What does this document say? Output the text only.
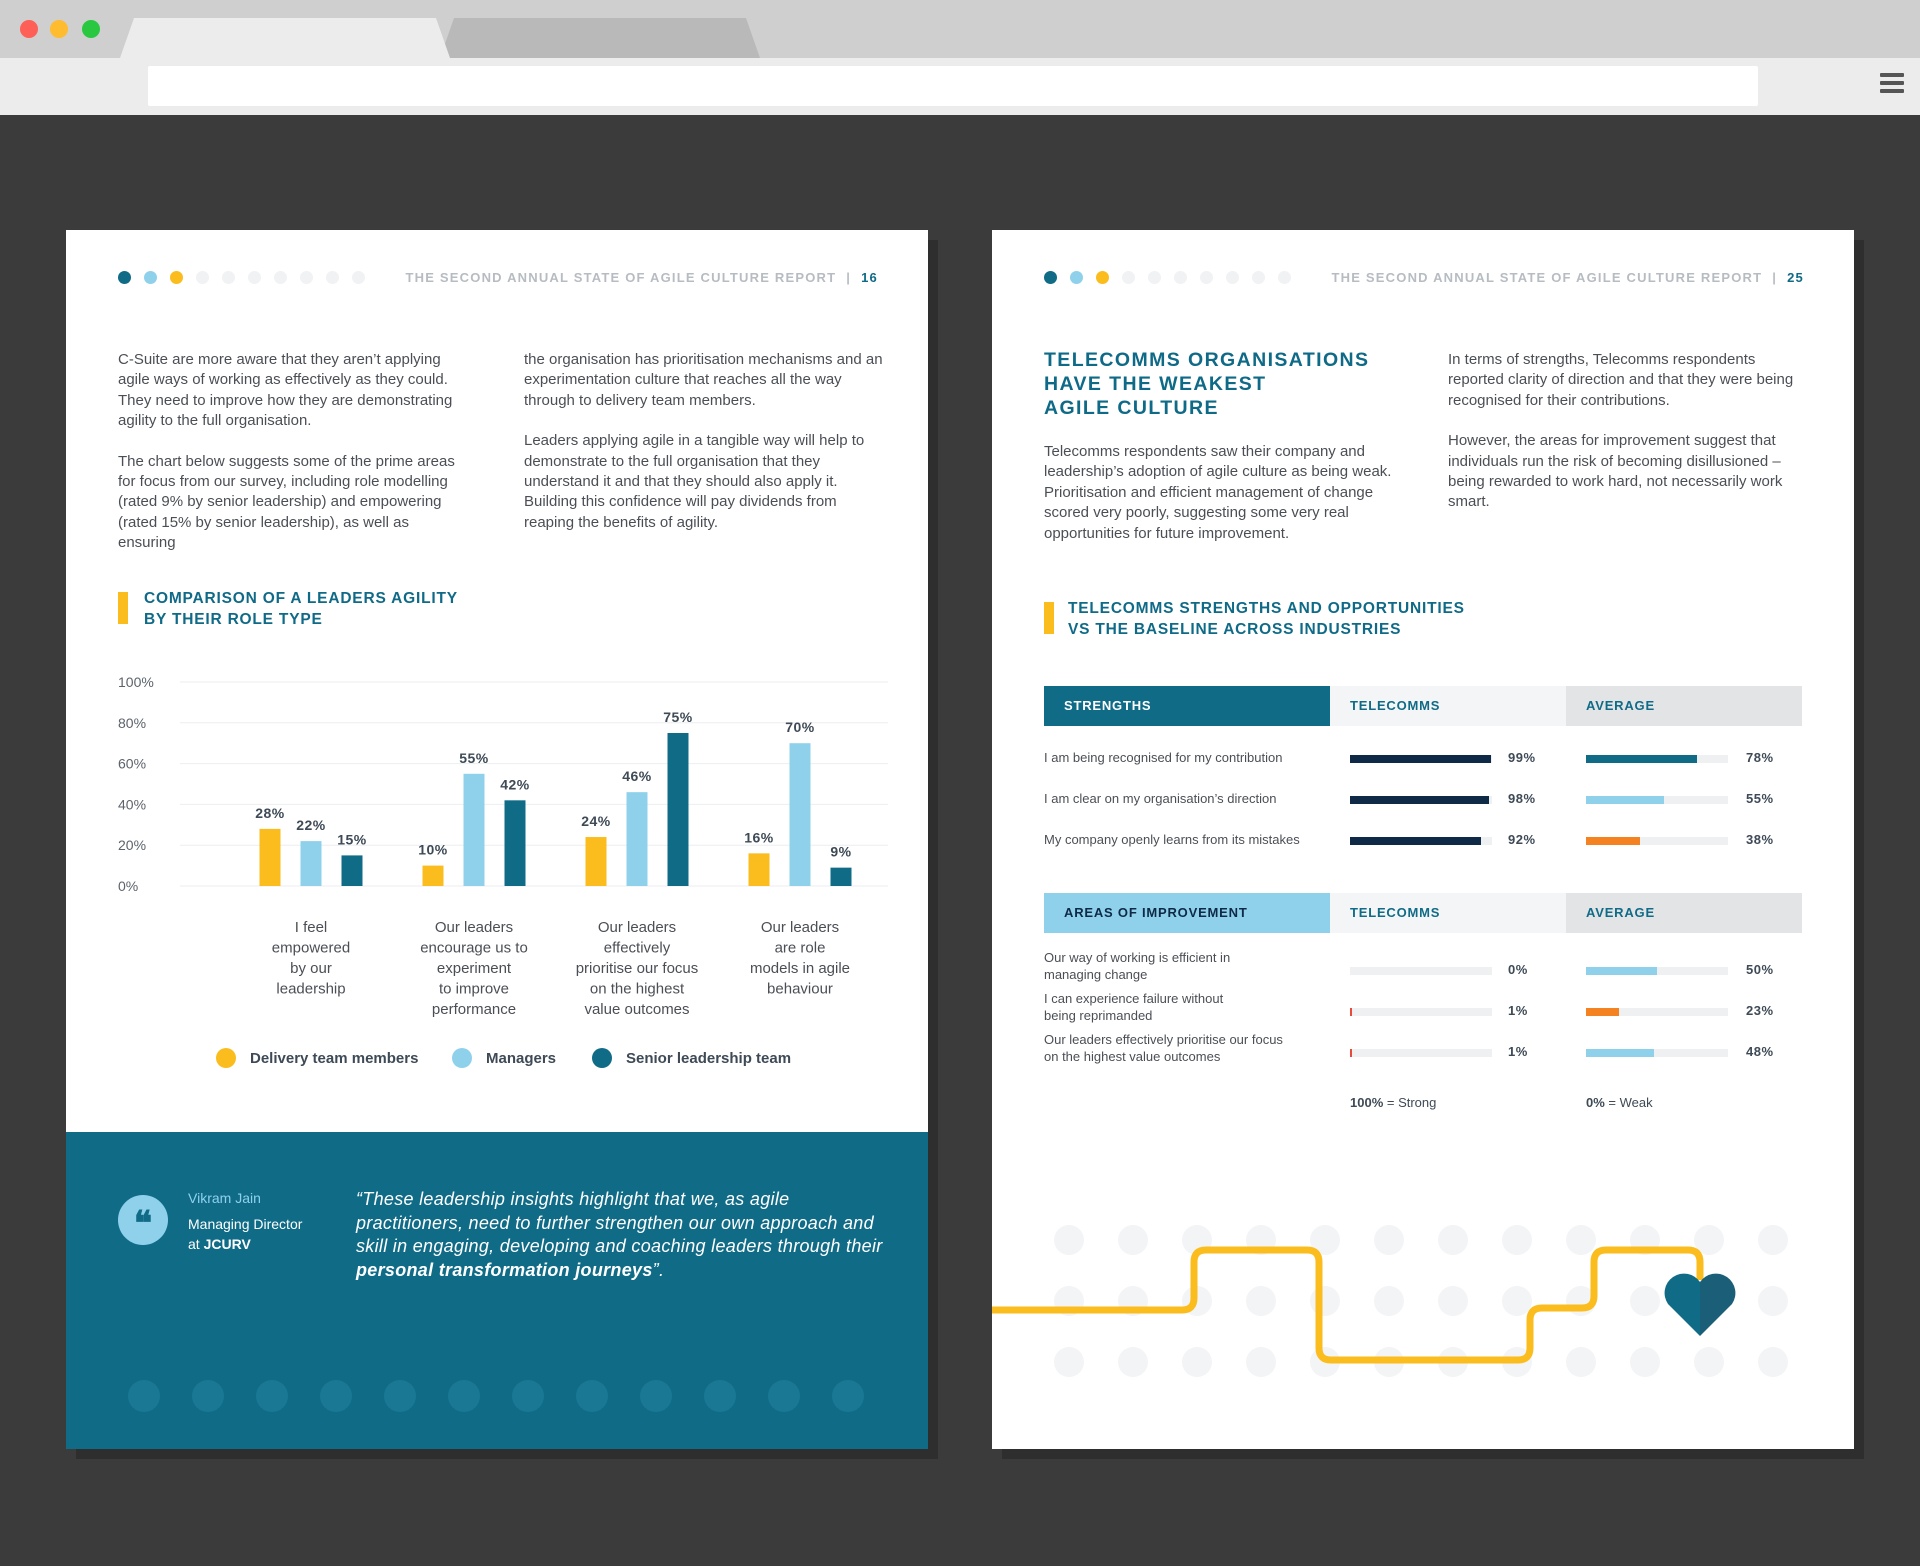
THE SECOND ANNUAL STATE OF AGILE CULTURE REPORT | 16

C-Suite are more aware that they aren’t applying agile ways of working as effectively as they could. They need to improve how they are demonstrating agility to the full organisation.

The chart below suggests some of the prime areas for focus from our survey, including role modelling (rated 9% by senior leadership) and empowering (rated 15% by senior leadership), as well as ensuring

the organisation has prioritisation mechanisms and an experimentation culture that reaches all the way through to delivery team members.

Leaders applying agile in a tangible way will help to demonstrate to the full organisation that they understand it and that they should also apply it. Building this confidence will pay dividends from reaping the benefits of agility.

COMPARISON OF A LEADERS AGILITY
BY THEIR ROLE TYPE
100%
80%
60%
40%
20%
0%
28%
22%
15%
I feel
empowered
by our
leadership
10%
55%
42%
Our leaders
encourage us to
experiment
to improve
performance
24%
46%
75%
Our leaders
effectively
prioritise our focus
on the highest
value outcomes
16%
70%
9%
Our leaders
are role
models in agile
behaviour
Delivery team members	Managers	Senior leadership team
❝
Vikram Jain
Managing Director
at JCURV
“These leadership insights highlight that we, as agile practitioners, need to further strengthen our own approach and skill in engaging, developing and coaching leaders through their personal transformation journeys”.
THE SECOND ANNUAL STATE OF AGILE CULTURE REPORT | 25
TELECOMMS ORGANISATIONS
HAVE THE WEAKEST
AGILE CULTURE

Telecomms respondents saw their company and leadership’s adoption of agile culture as being weak. Prioritisation and efficient management of change scored very poorly, suggesting some very real opportunities for future improvement.

In terms of strengths, Telecomms respondents reported clarity of direction and that they were being recognised for their contributions.

However, the areas for improvement suggest that individuals run the risk of becoming disillusioned –being rewarded to work hard, not necessarily work smart.

TELECOMMS STRENGTHS AND OPPORTUNITIES
VS THE BASELINE ACROSS INDUSTRIES
STRENGTHS	TELECOMMS	AVERAGE
AREAS OF IMPROVEMENT	TELECOMMS	AVERAGE
100% = Strong	0% = Weak
I am being recognised for my contribution	99%	78%
I am clear on my organisation’s direction	98%	55%
My company openly learns from its mistakes	92%	38%
Our way of working is efficient in
managing change	0%	50%
I can experience failure without
being reprimanded	1%	23%
Our leaders effectively prioritise our focus
on the highest value outcomes	1%	48%
